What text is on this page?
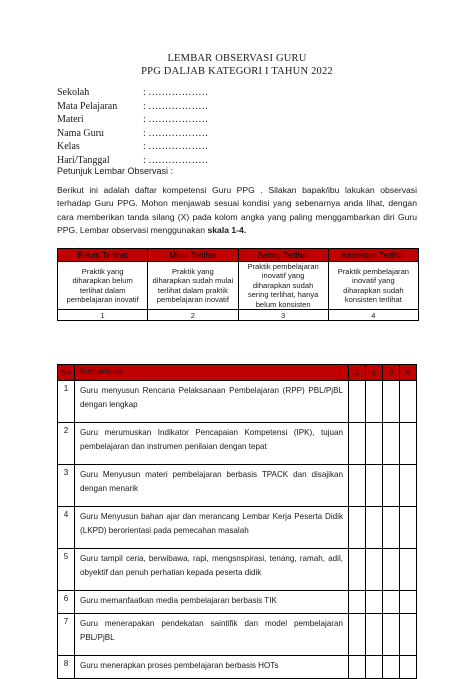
LEMBAR OBSERVASI GURU
PPG DALJAB KATEGORI I TAHUN 2022
Sekolah	: ………………
Mata Pelajaran	: ………………
Materi	: ………………
Nama Guru	: ………………
Kelas	: ………………
Hari/Tanggal	: ………………
Petunjuk Lembar Observasi :
Berikut ini adalah daftar kompetensi Guru PPG . Silakan bapak/ibu lakukan observasi terhadap Guru PPG. Mohon menjawab sesuai kondisi yang sebenarnya anda lihat, dengan cara memberikan tanda silang (X) pada kolom angka yang paling menggambarkan diri Guru PPG. Lembar observasi menggunakan skala 1-4.
Belum Terlihat	Mulai Terlihat	Sering Terlihat	Konsisten Terlihat
Praktik yang diharapkan belum terlihat dalam pembelajaran inovatif	Praktik yang diharapkan sudah mulai terlihat dalam praktik pembelajaran inovatif	Praktik pembelajaran inovatif yang diharapkan sudah sering terlihat, hanya belum konsisten	Praktik pembelajaran inovatif yang diharapkan sudah konsisten terlihat
1	2	3	4
No	Kompetensi	1	2	3	4
1	Guru menyusun Rencana Pelaksanaan Pembelajaran (RPP) PBL/PjBL dengan lengkap				
2	Guru merumuskan Indikator Pencapaian Kompetensi (IPK), tujuan pembelajaran dan instrumen penilaian dengan tepat				
3	Guru Menyusun materi pembelajaran berbasis TPACK dan disajikan dengan menarik				
4	Guru Menyusun bahan ajar dan merancang Lembar Kerja Peserta Didik (LKPD) berorientasi pada pemecahan masalah				
5	Guru tampil ceria, berwibawa, rapi, mengsnspirasi, tenang, ramah, adil, obyektif dan penuh perhatian kepada peserta didik				
6	Guru memanfaatkan media pembelajaran berbasis TIK				
7	Guru menerapakan pendekatan saintifik dan model pembelajaran PBL/PjBL				
8	Guru menerapkan proses pembelajaran berbasis HOTs				
